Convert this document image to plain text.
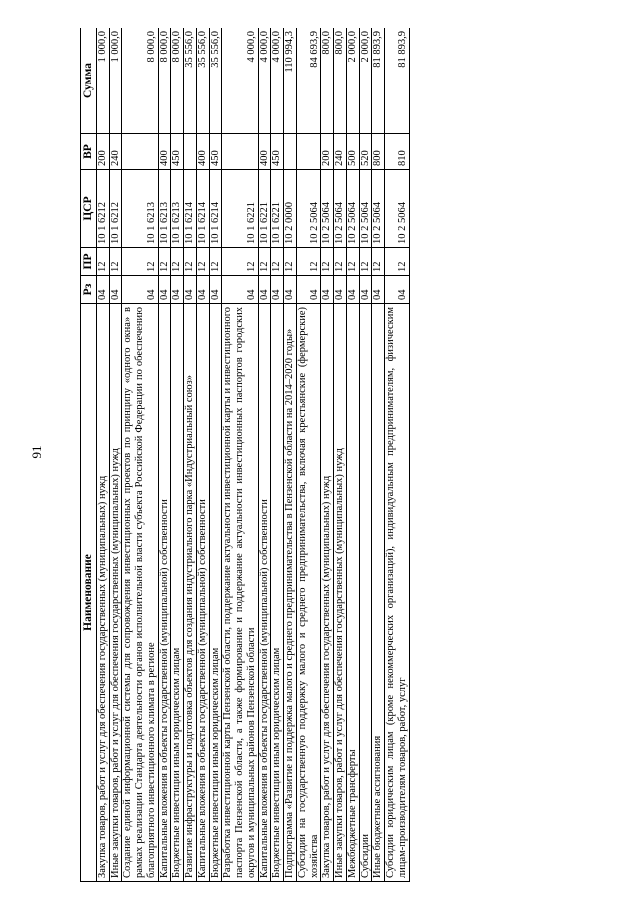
91
Наименование	Рз	ПР	ЦСР	ВР	Сумма
Закупка товаров, работ и услуг для обеспечения государственных (муниципальных) нужд	04	12	10 1 6212	200	1 000,0
Иные закупки товаров, работ и услуг для обеспечения государственных (муниципальных) нужд	04	12	10 1 6212	240	1 000,0
Создание единой информационной системы для сопровождения инвестиционных проектов по принципу «одного окна» в рамках реализации Стандарта деятельности органов исполнительной власти субъекта Российской Федерации по обеспечению благоприятного инвестиционного климата в регионе	04	12	10 1 6213		8 000,0
Капитальные вложения в объекты государственной (муниципальной) собственности	04	12	10 1 6213	400	8 000,0
Бюджетные инвестиции иным юридическим лицам	04	12	10 1 6213	450	8 000,0
Развитие инфраструктуры и подготовка объектов для создания индустриального парка «Индустриальный союз»	04	12	10 1 6214		35 556,0
Капитальные вложения в объекты государственной (муниципальной) собственности	04	12	10 1 6214	400	35 556,0
Бюджетные инвестиции иным юридическим лицам	04	12	10 1 6214	450	35 556,0
Разработка инвестиционной карты Пензенской области, поддержание актуальности инвестиционной карты и инвестиционного паспорта Пензенской области, а также формирование и поддержание актуальности инвестиционных паспортов городских округов и муниципальных районов Пензенской области	04	12	10 1 6221		4 000,0
Капитальные вложения в объекты государственной (муниципальной) собственности	04	12	10 1 6221	400	4 000,0
Бюджетные инвестиции иным юридическим лицам	04	12	10 1 6221	450	4 000,0
Подпрограмма «Развитие и поддержка малого и среднего предпринимательства в Пензенской области на 2014–2020 годы»	04	12	10 2 0000		110 994,3
Субсидии на государственную поддержку малого и среднего предпринимательства, включая крестьянские (фермерские) хозяйства	04	12	10 2 5064		84 693,9
Закупка товаров, работ и услуг для обеспечения государственных (муниципальных) нужд	04	12	10 2 5064	200	800,0
Иные закупки товаров, работ и услуг для обеспечения государственных (муниципальных) нужд	04	12	10 2 5064	240	800,0
Межбюджетные трансферты	04	12	10 2 5064	500	2 000,0
Субсидии	04	12	10 2 5064	520	2 000,0
Иные бюджетные ассигнования	04	12	10 2 5064	800	81 893,9
Субсидии юридическим лицам (кроме некоммерческих организаций), индивидуальным предпринимателям, физическим лицам-производителям товаров, работ, услуг	04	12	10 2 5064	810	81 893,9
